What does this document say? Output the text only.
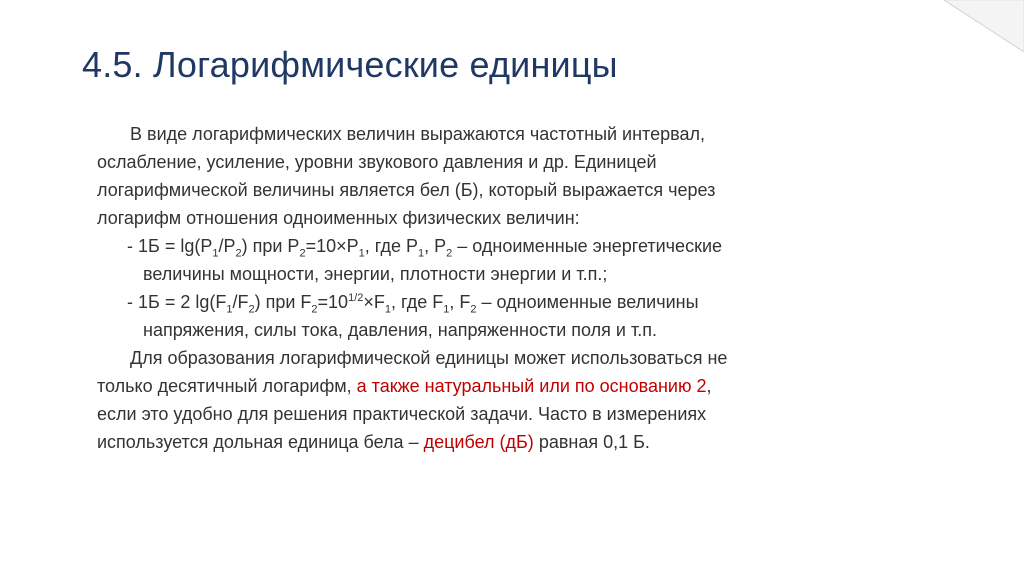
4.5. Логарифмические единицы
В виде логарифмических величин выражаются частотный интервал,
ослабление, усиление, уровни звукового давления и др. Единицей
логарифмической величины является бел (Б), который выражается через
логарифм отношения одноименных физических величин:
- $1Б = \lg(P_1/P_2)$ при $P_2=10\times P_1$, где $P_1$, $P_2$ – одноименные энергетические
величины мощности, энергии, плотности энергии и т.п.;
- 1Б = 2 $\lg(F_1/F_2)$ при $F_2=10^{1/2}\times F_1$, где $F_1$, $F_2$ – одноименные величины
напряжения, силы тока, давления, напряженности поля и т.п.
Для образования логарифмической единицы может использоваться не
только десятичный логарифм, а также натуральный или по основанию 2,
если это удобно для решения практической задачи. Часто в измерениях
используется дольная единица бела – децибел (дБ) равная 0,1 Б.
